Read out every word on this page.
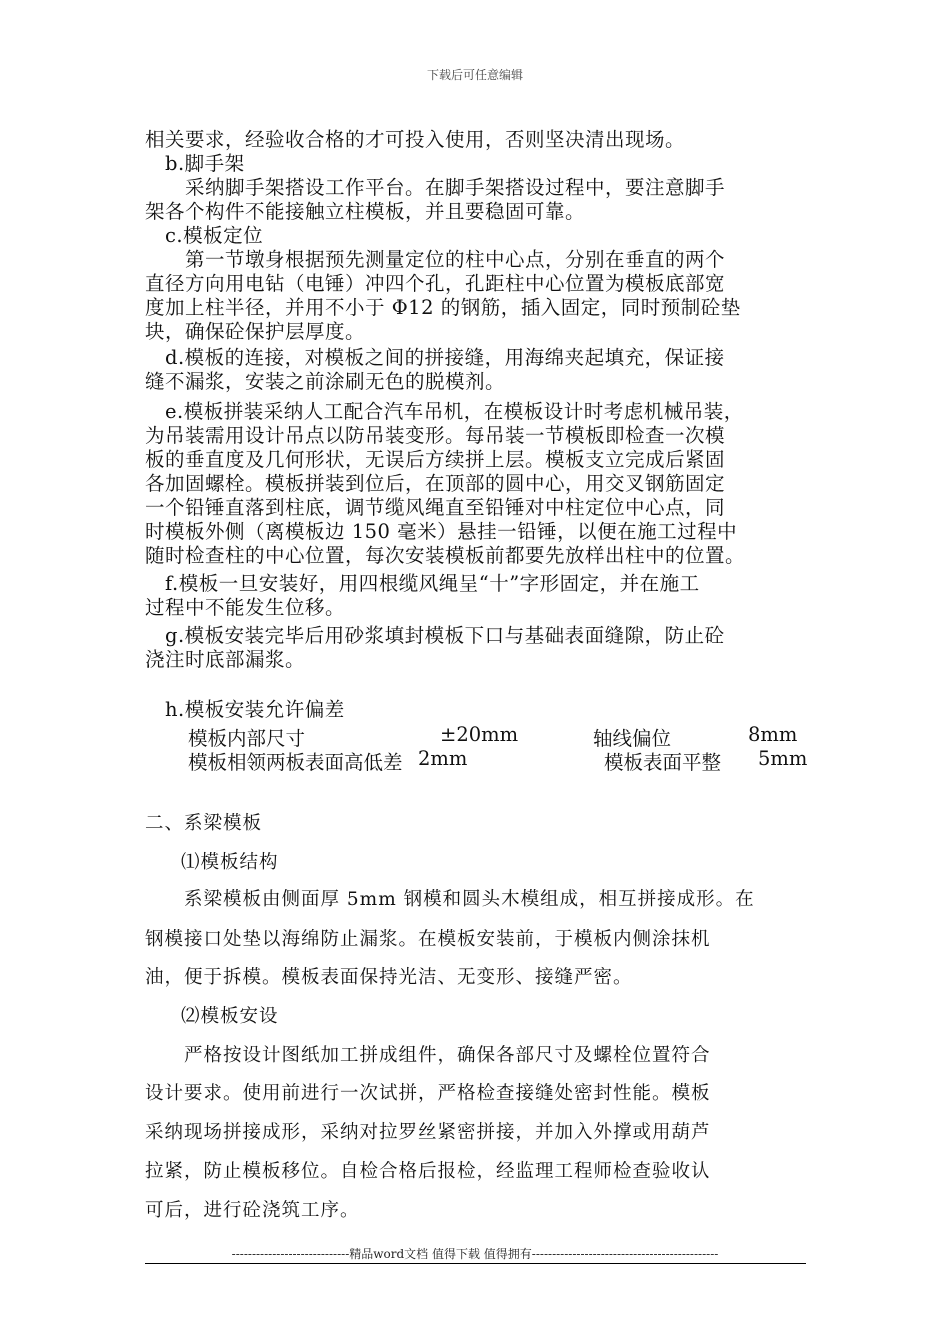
下载后可任意编辑
相关要求，经验收合格的才可投入使用，否则坚决清出现场。
　b.脚手架
　　采纳脚手架搭设工作平台。在脚手架搭设过程中，要注意脚手
架各个构件不能接触立柱模板，并且要稳固可靠。
　c.模板定位
　　第一节墩身根据预先测量定位的柱中心点，分别在垂直的两个
直径方向用电钻（电锤）冲四个孔，孔距柱中心位置为模板底部宽
度加上柱半径，并用不小于 Φ12 的钢筋，插入固定，同时预制砼垫
块，确保砼保护层厚度。
　d.模板的连接，对模板之间的拼接缝，用海绵夹起填充，保证接
缝不漏浆，安装之前涂刷无色的脱模剂。
　e.模板拼装采纳人工配合汽车吊机，在模板设计时考虑机械吊装，
为吊装需用设计吊点以防吊装变形。每吊装一节模板即检查一次模
板的垂直度及几何形状，无误后方续拼上层。模板支立完成后紧固
各加固螺栓。模板拼装到位后，在顶部的圆中心，用交叉钢筋固定
一个铅锤直落到柱底，调节缆风绳直至铅锤对中柱定位中心点，同
时模板外侧（离模板边 150 毫米）悬挂一铅锤，以便在施工过程中
随时检查柱的中心位置，每次安装模板前都要先放样出柱中的位置。
　f.模板一旦安装好，用四根缆风绳呈“十”字形固定，并在施工
过程中不能发生位移。
　g.模板安装完毕后用砂浆填封模板下口与基础表面缝隙，防止砼
浇注时底部漏浆。
　h.模板安装允许偏差
模板内部尺寸	±20mm	轴线偏位	8mm
模板相领两板表面高低差 2mm	模板表面平整 5mm
二、系梁模板
⑴模板结构
　　系梁模板由侧面厚 5mm 钢模和圆头木模组成，相互拼接成形。在
钢模接口处垫以海绵防止漏浆。在模板安装前，于模板内侧涂抹机
油，便于拆模。模板表面保持光洁、无变形、接缝严密。
⑵模板安设
　　严格按设计图纸加工拼成组件，确保各部尺寸及螺栓位置符合
设计要求。使用前进行一次试拼，严格检查接缝处密封性能。模板
采纳现场拼接成形，采纳对拉罗丝紧密拼接，并加入外撑或用葫芦
拉紧，防止模板移位。自检合格后报检，经监理工程师检查验收认
可后，进行砼浇筑工序。
-----------------------------精品word文档 值得下载 值得拥有----------------------------------------------
